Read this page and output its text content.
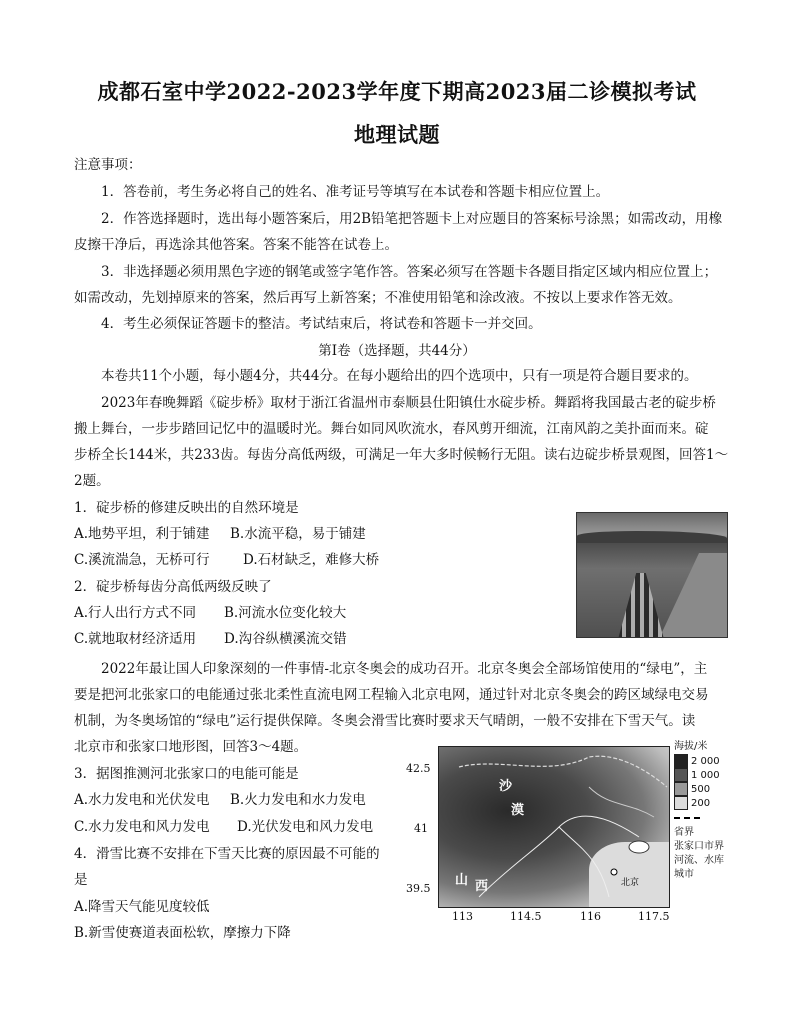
成都石室中学2022-2023学年度下期高2023届二诊模拟考试
地理试题
注意事项：
1．答卷前，考生务必将自己的姓名、准考证号等填写在本试卷和答题卡相应位置上。
2．作答选择题时，选出每小题答案后，用2B铅笔把答题卡上对应题目的答案标号涂黑；如需改动，用橡
皮擦干净后，再选涂其他答案。答案不能答在试卷上。
3．非选择题必须用黑色字迹的钢笔或签字笔作答。答案必须写在答题卡各题目指定区域内相应位置上；
如需改动，先划掉原来的答案，然后再写上新答案；不准使用铅笔和涂改液。不按以上要求作答无效。
4．考生必须保证答题卡的整洁。考试结束后，将试卷和答题卡一并交回。
第Ⅰ卷（选择题，共44分）
本卷共11个小题，每小题4分，共44分。在每小题给出的四个选项中，只有一项是符合题目要求的。
2023年春晚舞蹈《碇步桥》取材于浙江省温州市泰顺县仕阳镇仕水碇步桥。舞蹈将我国最古老的碇步桥
搬上舞台，一步步踏回记忆中的温暖时光。舞台如同风吹流水，春风剪开细流，江南风韵之美扑面而来。碇
步桥全长144米，共233齿。每齿分高低两级，可满足一年大多时候畅行无阻。读右边碇步桥景观图，回答1～
2题。
1．碇步桥的修建反映出的自然环境是
A.地势平坦，利于铺建 B.水流平稳，易于铺建
C.溪流湍急，无桥可行 D.石材缺乏，难修大桥
2．碇步桥每齿分高低两级反映了
A.行人出行方式不同 B.河流水位变化较大
C.就地取材经济适用 D.沟谷纵横溪流交错
2022年最让国人印象深刻的一件事情-北京冬奥会的成功召开。北京冬奥会全部场馆使用的“绿电”，主
要是把河北张家口的电能通过张北柔性直流电网工程输入北京电网，通过针对北京冬奥会的跨区域绿电交易
机制，为冬奥场馆的“绿电”运行提供保障。冬奥会滑雪比赛时要求天气晴朗，一般不安排在下雪天气。读
北京市和张家口地形图，回答3～4题。
3．据图推测河北张家口的电能可能是
A.水力发电和光伏发电 B.火力发电和水力发电
C.水力发电和风力发电 D.光伏发电和风力发电
4．滑雪比赛不安排在下雪天比赛的原因最不可能的
是
A.降雪天气能见度较低
B.新雪使赛道表面松软，摩擦力下降
沙
漠
山 西	北京
42.5
41
39.5
113	114.5	116	117.5
海拔/米
2 000
1 000
500
200
省界
张家口市界
河流、水库
城市
